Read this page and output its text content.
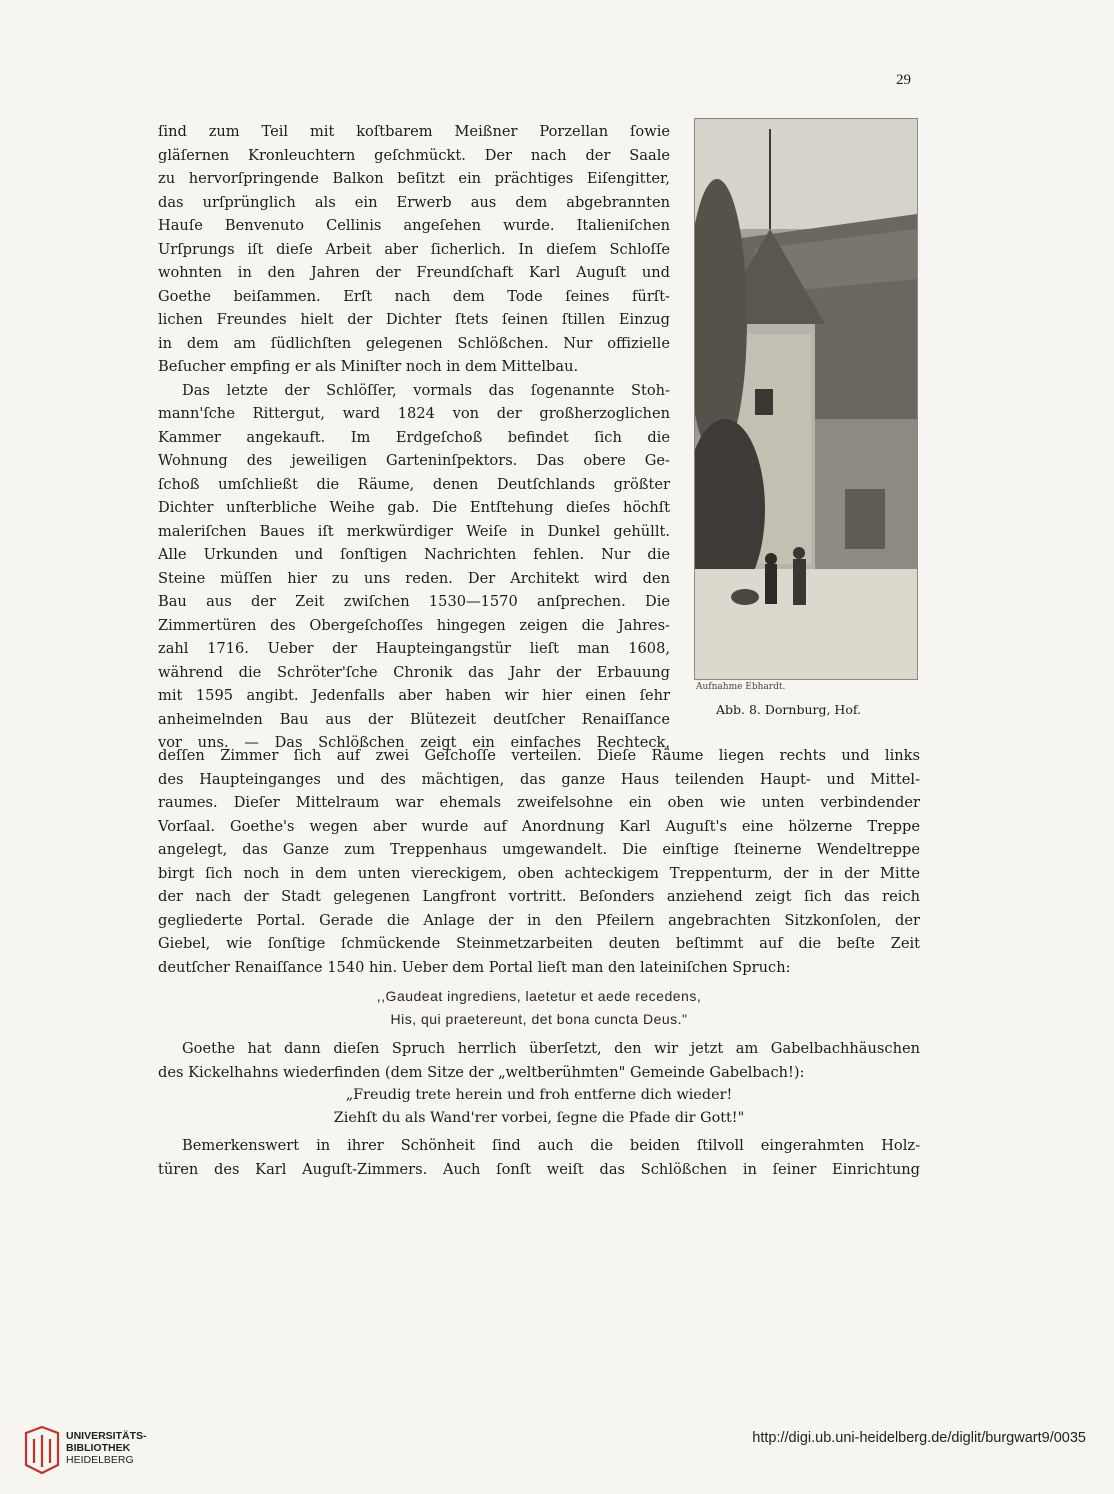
29
ſind zum Teil mit koſtbarem Meißner Porzellan ſowie
gläſernen Kronleuchtern geſchmückt. Der nach der Saale
zu hervorſpringende Balkon beſitzt ein prächtiges Eiſengitter,
das urſprünglich als ein Erwerb aus dem abgebrannten
Hauſe Benvenuto Cellinis angeſehen wurde. Italieniſchen
Urſprungs iſt dieſe Arbeit aber ſicherlich. In dieſem Schloſſe
wohnten in den Jahren der Freundſchaft Karl Auguſt und
Goethe beiſammen. Erſt nach dem Tode ſeines fürſt-
lichen Freundes hielt der Dichter ſtets ſeinen ſtillen Einzug
in dem am ſüdlichſten gelegenen Schlößchen. Nur offizielle
Beſucher empfing er als Miniſter noch in dem Mittelbau.
Das letzte der Schlöſſer, vormals das ſogenannte Stoh-
mann'ſche Rittergut, ward 1824 von der großherzoglichen
Kammer angekauft. Im Erdgeſchoß befindet ſich die
Wohnung des jeweiligen Garteninſpektors. Das obere Ge-
ſchoß umſchließt die Räume, denen Deutſchlands größter
Dichter unſterbliche Weihe gab. Die Entſtehung dieſes höchſt
maleriſchen Baues iſt merkwürdiger Weiſe in Dunkel gehüllt.
Alle Urkunden und ſonſtigen Nachrichten fehlen. Nur die
Steine müſſen hier zu uns reden. Der Architekt wird den
Bau aus der Zeit zwiſchen 1530—1570 anſprechen. Die
Zimmertüren des Obergeſchoſſes hingegen zeigen die Jahres-
zahl 1716. Ueber der Haupteingangstür lieſt man 1608,
während die Schröter'ſche Chronik das Jahr der Erbauung
mit 1595 angibt. Jedenfalls aber haben wir hier einen ſehr
anheimelnden Bau aus der Blütezeit deutſcher Renaiſſance
vor uns. — Das Schlößchen zeigt ein einfaches Rechteck,
Aufnahme Ebhardt.
Abb. 8. Dornburg, Hof.
deſſen Zimmer ſich auf zwei Geſchoſſe verteilen. Dieſe Räume liegen rechts und links
des Haupteinganges und des mächtigen, das ganze Haus teilenden Haupt- und Mittel-
raumes. Dieſer Mittelraum war ehemals zweifelsohne ein oben wie unten verbindender
Vorſaal. Goethe's wegen aber wurde auf Anordnung Karl Auguſt's eine hölzerne Treppe
angelegt, das Ganze zum Treppenhaus umgewandelt. Die einſtige ſteinerne Wendeltreppe
birgt ſich noch in dem unten viereckigem, oben achteckigem Treppenturm, der in der Mitte
der nach der Stadt gelegenen Langfront vortritt. Beſonders anziehend zeigt ſich das reich
gegliederte Portal. Gerade die Anlage der in den Pfeilern angebrachten Sitzkonſolen, der
Giebel, wie ſonſtige ſchmückende Steinmetzarbeiten deuten beſtimmt auf die beſte Zeit
deutſcher Renaiſſance 1540 hin. Ueber dem Portal lieſt man den lateiniſchen Spruch:
,,Gaudeat ingrediens, laetetur et aede recedens,
His, qui praetereunt, det bona cuncta Deus."
Goethe hat dann dieſen Spruch herrlich überſetzt, den wir jetzt am Gabelbachhäuschen
des Kickelhahns wiederfinden (dem Sitze der „weltberühmten" Gemeinde Gabelbach!):
„Freudig trete herein und froh entferne dich wieder!
Ziehſt du als Wand'rer vorbei, ſegne die Pfade dir Gott!"
Bemerkenswert in ihrer Schönheit ſind auch die beiden ſtilvoll eingerahmten Holz-
türen des Karl Auguſt-Zimmers. Auch ſonſt weiſt das Schlößchen in ſeiner Einrichtung
UNIVERSITÄTS-
BIBLIOTHEK
HEIDELBERG
http://digi.ub.uni-heidelberg.de/diglit/burgwart9/0035
